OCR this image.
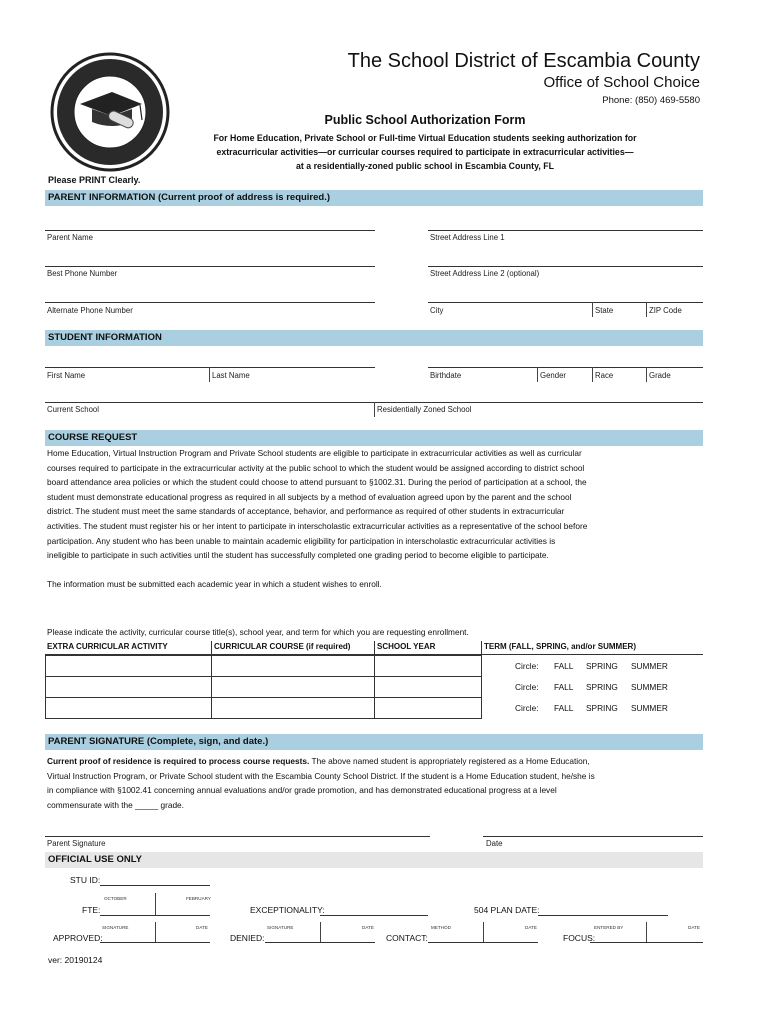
The School District of Escambia County
Office of School Choice
Phone: (850) 469-5580
Public School Authorization Form
For Home Education, Private School or Full-time Virtual Education students seeking authorization for
extracurricular activities—or curricular courses required to participate in extracurricular activities—
at a residentially-zoned public school in Escambia County, FL
Please PRINT Clearly.
PARENT INFORMATION (Current proof of address is required.)
Parent Name	Street Address Line 1
Best Phone Number	Street Address Line 2 (optional)
Alternate Phone Number	City	State	ZIP Code
STUDENT INFORMATION
First Name	Last Name	Birthdate	Gender	Race	Grade
Current School	Residentially Zoned School
COURSE REQUEST
Home Education, Virtual Instruction Program and Private School students are eligible to participate in extracurricular activities as well as curricular
courses required to participate in the extracurricular activity at the public school to which the student would be assigned according to district school
board attendance area policies or which the student could choose to attend pursuant to §1002.31. During the period of participation at a school, the
student must demonstrate educational progress as required in all subjects by a method of evaluation agreed upon by the parent and the school
district. The student must meet the same standards of acceptance, behavior, and performance as required of other students in extracurricular
activities. The student must register his or her intent to participate in interscholastic extracurricular activities as a representative of the school before
participation. Any student who has been unable to maintain academic eligibility for participation in interscholastic extracurricular activities is
ineligible to participate in such activities until the student has successfully completed one grading period to become eligible to participate.
The information must be submitted each academic year in which a student wishes to enroll.
Please indicate the activity, curricular course title(s), school year, and term for which you are requesting enrollment.
EXTRA CURRICULAR ACTIVITY	CURRICULAR COURSE (if required)	SCHOOL YEAR	TERM (FALL, SPRING, and/or SUMMER)
Circle: FALL SPRING SUMMER
Circle: FALL SPRING SUMMER
Circle: FALL SPRING SUMMER
PARENT SIGNATURE (Complete, sign, and date.)
Current proof of residence is required to process course requests. The above named student is appropriately registered as a Home Education,
Virtual Instruction Program, or Private School student with the Escambia County School District. If the student is a Home Education student, he/she is
in compliance with §1002.41 concerning annual evaluations and/or grade promotion, and has demonstrated educational progress at a level
commensurate with the _____ grade.
Parent Signature	Date
OFFICIAL USE ONLY
STU ID:
OCTOBER	FEBRUARY
FTE:	EXCEPTIONALITY:	504 PLAN DATE:
SIGNATURE	DATE
APPROVED:
SIGNATURE	DATE
DENIED:
METHOD	DATE
CONTACT:
ENTERED BY	DATE
FOCUS:
ver: 20190124
